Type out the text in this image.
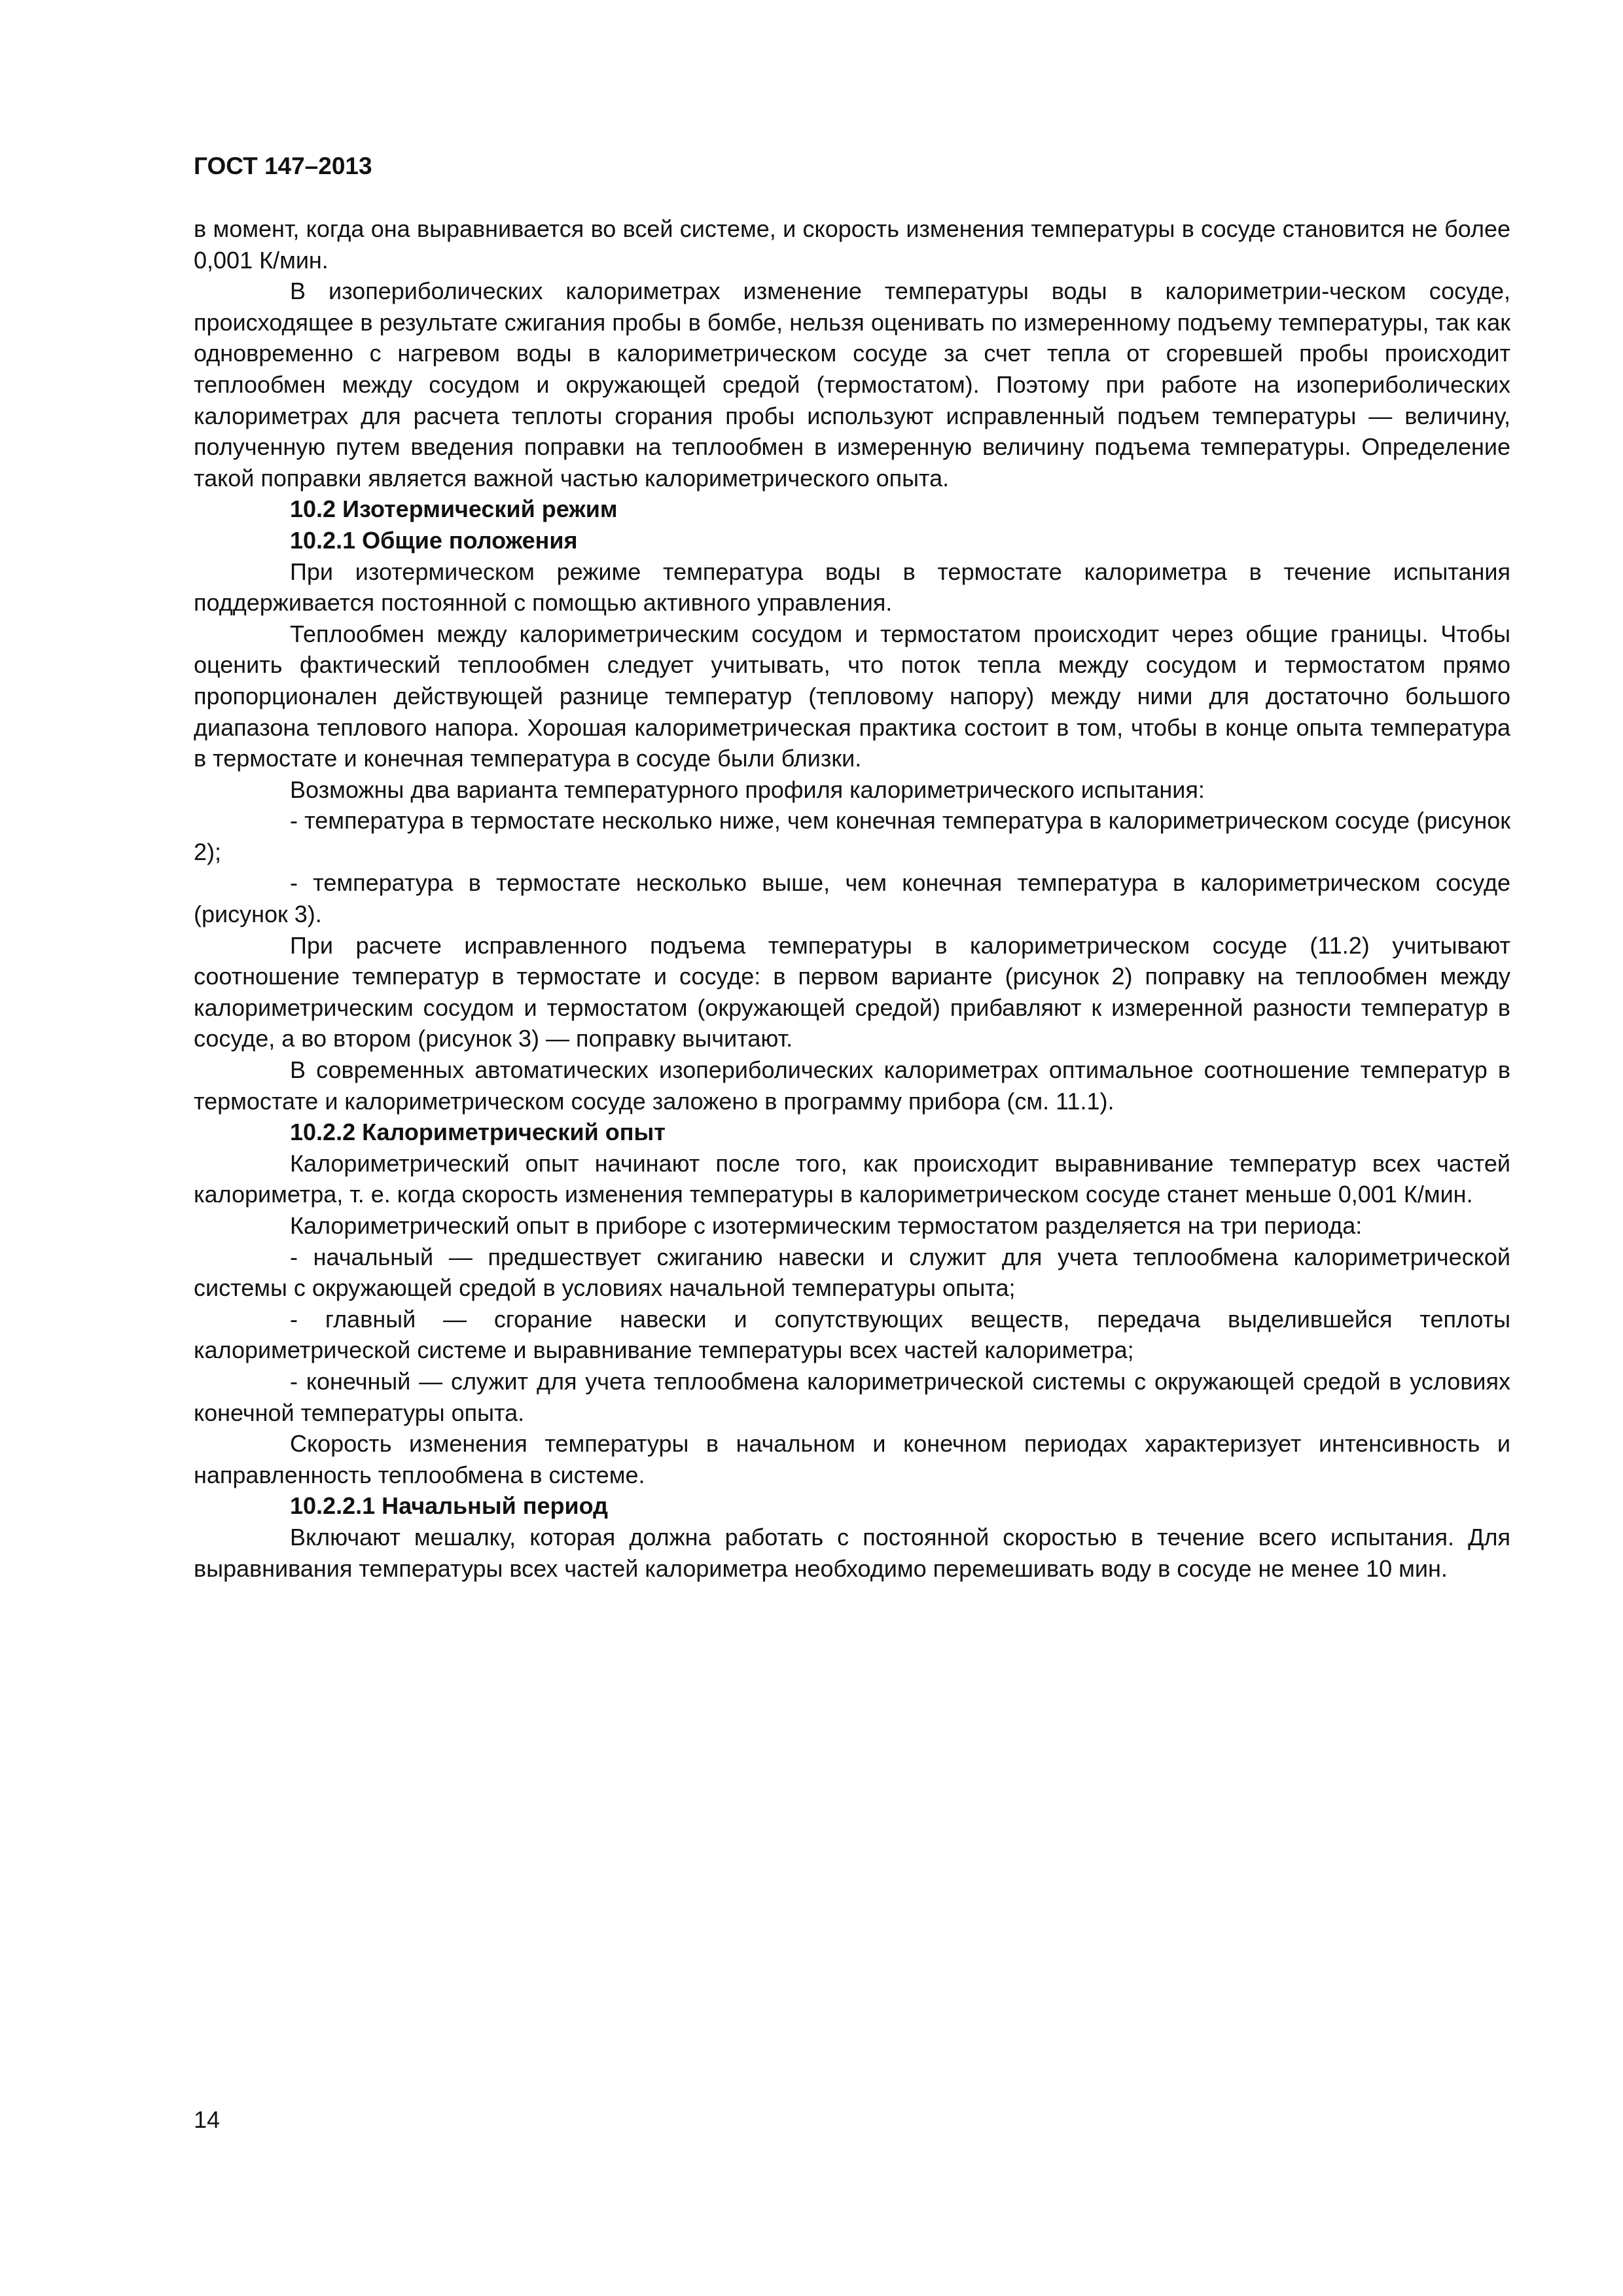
ГОСТ 147–2013

в момент, когда она выравнивается во всей системе, и скорость изменения температуры в сосуде становится не более 0,001 К/мин.

В изопериболических калориметрах изменение температуры воды в калориметрии-ческом сосуде, происходящее в результате сжигания пробы в бомбе, нельзя оценивать по измеренному подъему температуры, так как одновременно с нагревом воды в калориметрическом сосуде за счет тепла от сгоревшей пробы происходит теплообмен между сосудом и окружающей средой (термостатом). Поэтому при работе на изопериболических калориметрах для расчета теплоты сгорания пробы используют исправленный подъем температуры — величину, полученную путем введения поправки на теплообмен в измеренную величину подъема температуры. Определение такой поправки является важной частью калориметрического опыта.

10.2 Изотермический режим

10.2.1 Общие положения

При изотермическом режиме температура воды в термостате калориметра в течение испытания поддерживается постоянной с помощью активного управления.

Теплообмен между калориметрическим сосудом и термостатом происходит через общие границы. Чтобы оценить фактический теплообмен следует учитывать, что поток тепла между сосудом и термостатом прямо пропорционален действующей разнице температур (тепловому напору) между ними для достаточно большого диапазона теплового напора. Хорошая калориметрическая практика состоит в том, чтобы в конце опыта температура в термостате и конечная температура в сосуде были близки.

Возможны два варианта температурного профиля калориметрического испытания:

- температура в термостате несколько ниже, чем конечная температура в калориметрическом сосуде (рисунок 2);

- температура в термостате несколько выше, чем конечная температура в калориметрическом сосуде (рисунок 3).

При расчете исправленного подъема температуры в калориметрическом сосуде (11.2) учитывают соотношение температур в термостате и сосуде: в первом варианте (рисунок 2) поправку на теплообмен между калориметрическим сосудом и термостатом (окружающей средой) прибавляют к измеренной разности температур в сосуде, а во втором (рисунок 3) — поправку вычитают.

В современных автоматических изопериболических калориметрах оптимальное соотношение температур в термостате и калориметрическом сосуде заложено в программу прибора (см. 11.1).

10.2.2 Калориметрический опыт

Калориметрический опыт начинают после того, как происходит выравнивание температур всех частей калориметра, т. е. когда скорость изменения температуры в калориметрическом сосуде станет меньше 0,001 К/мин.

Калориметрический опыт в приборе с изотермическим термостатом разделяется на три периода:

- начальный — предшествует сжиганию навески и служит для учета теплообмена калориметрической системы с окружающей средой в условиях начальной температуры опыта;

- главный — сгорание навески и сопутствующих веществ, передача выделившейся теплоты калориметрической системе и выравнивание температуры всех частей калориметра;

- конечный — служит для учета теплообмена калориметрической системы с окружающей средой в условиях конечной температуры опыта.

Скорость изменения температуры в начальном и конечном периодах характеризует интенсивность и направленность теплообмена в системе.

10.2.2.1 Начальный период

Включают мешалку, которая должна работать с постоянной скоростью в течение всего испытания. Для выравнивания температуры всех частей калориметра необходимо перемешивать воду в сосуде не менее 10 мин.

14
